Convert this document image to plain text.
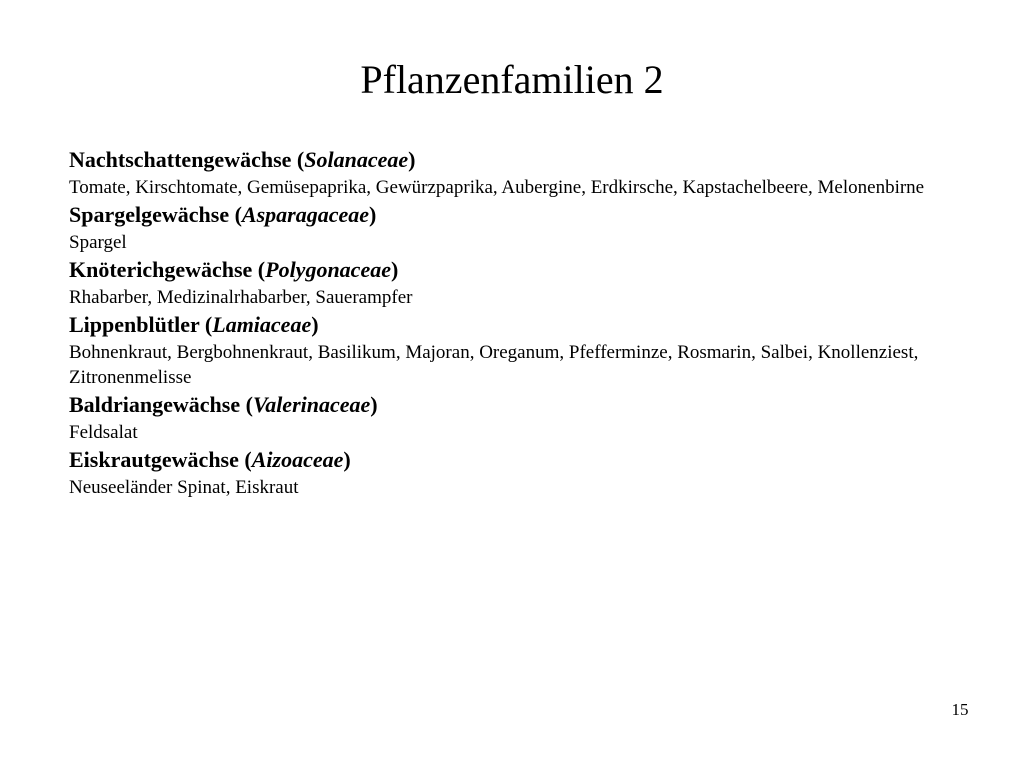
Pflanzenfamilien 2
Nachtschattengewächse (Solanaceae)
Tomate, Kirschtomate, Gemüsepaprika, Gewürzpaprika, Aubergine, Erdkirsche, Kapstachelbeere, Melonenbirne
Spargelgewächse (Asparagaceae)
Spargel
Knöterichgewächse (Polygonaceae)
Rhabarber, Medizinalrhabarber, Sauerampfer
Lippenblütler (Lamiaceae)
Bohnenkraut, Bergbohnenkraut, Basilikum, Majoran, Oreganum, Pfefferminze, Rosmarin, Salbei, Knollenziest, Zitronenmelisse
Baldriangewächse (Valerinaceae)
Feldsalat
Eiskrautgewächse (Aizoaceae)
Neuseeländer Spinat, Eiskraut
15
